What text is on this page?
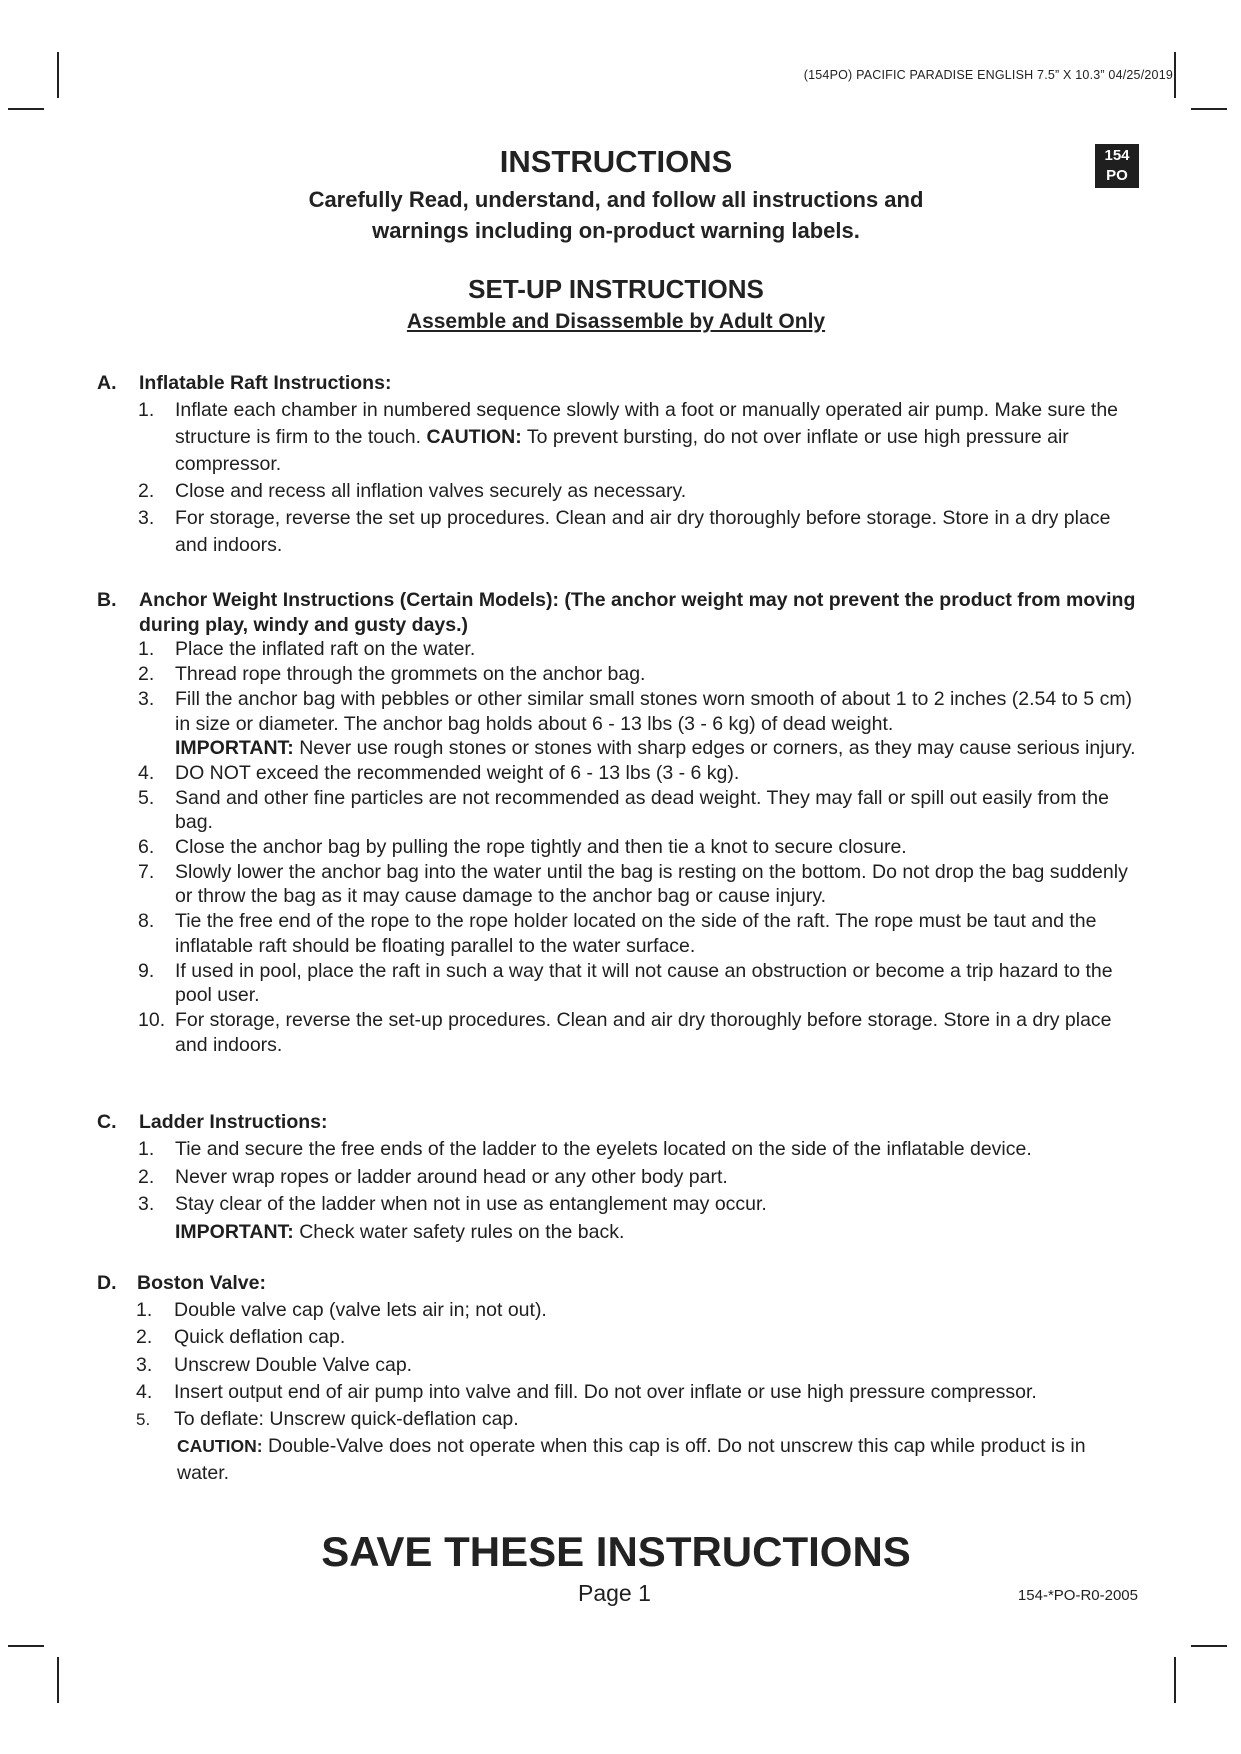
(154PO) PACIFIC PARADISE ENGLISH 7.5” X 10.3” 04/25/2019
154
PO
INSTRUCTIONS
Carefully Read, understand, and follow all instructions and
warnings including on-product warning labels.
SET-UP INSTRUCTIONS
Assemble and Disassemble by Adult Only
A.	Inflatable Raft Instructions:
1.	Inflate each chamber in numbered sequence slowly with a foot or manually operated air pump. Make sure the structure is firm to the touch. CAUTION: To prevent bursting, do not over inflate or use high pressure air compressor.
2.	Close and recess all inflation valves securely as necessary.
3.	For storage, reverse the set up procedures. Clean and air dry thoroughly before storage. Store in a dry place and indoors.
B.	Anchor Weight Instructions (Certain Models): (The anchor weight may not prevent the product from moving during play, windy and gusty days.)
1.	Place the inflated raft on the water.
2.	Thread rope through the grommets on the anchor bag.
3.	Fill the anchor bag with pebbles or other similar small stones worn smooth of about 1 to 2 inches (2.54 to 5 cm) in size or diameter. The anchor bag holds about 6 - 13 lbs (3 - 6 kg) of dead weight.
IMPORTANT: Never use rough stones or stones with sharp edges or corners, as they may cause serious injury.
4.	DO NOT exceed the recommended weight of 6 - 13 lbs (3 - 6 kg).
5.	Sand and other fine particles are not recommended as dead weight. They may fall or spill out easily from the bag.
6.	Close the anchor bag by pulling the rope tightly and then tie a knot to secure closure.
7.	Slowly lower the anchor bag into the water until the bag is resting on the bottom. Do not drop the bag suddenly or throw the bag as it may cause damage to the anchor bag or cause injury.
8.	Tie the free end of the rope to the rope holder located on the side of the raft. The rope must be taut and the inflatable raft should be floating parallel to the water surface.
9.	If used in pool, place the raft in such a way that it will not cause an obstruction or become a trip hazard to the pool user.
10. For storage, reverse the set-up procedures. Clean and air dry thoroughly before storage. Store in a dry place and indoors.
C.	Ladder Instructions:
1.	Tie and secure the free ends of the ladder to the eyelets located on the side of the inflatable device.
2.	Never wrap ropes or ladder around head or any other body part.
3.	Stay clear of the ladder when not in use as entanglement may occur.
IMPORTANT: Check water safety rules on the back.
D.	Boston Valve:
1.	Double valve cap (valve lets air in; not out).
2.	Quick deflation cap.
3.	Unscrew Double Valve cap.
4.	Insert output end of air pump into valve and fill. Do not over inflate or use high pressure compressor.
5.	To deflate: Unscrew quick-deflation cap.
CAUTION: Double-Valve does not operate when this cap is off. Do not unscrew this cap while product is in water.
SAVE THESE INSTRUCTIONS
Page 1	154-*PO-R0-2005
